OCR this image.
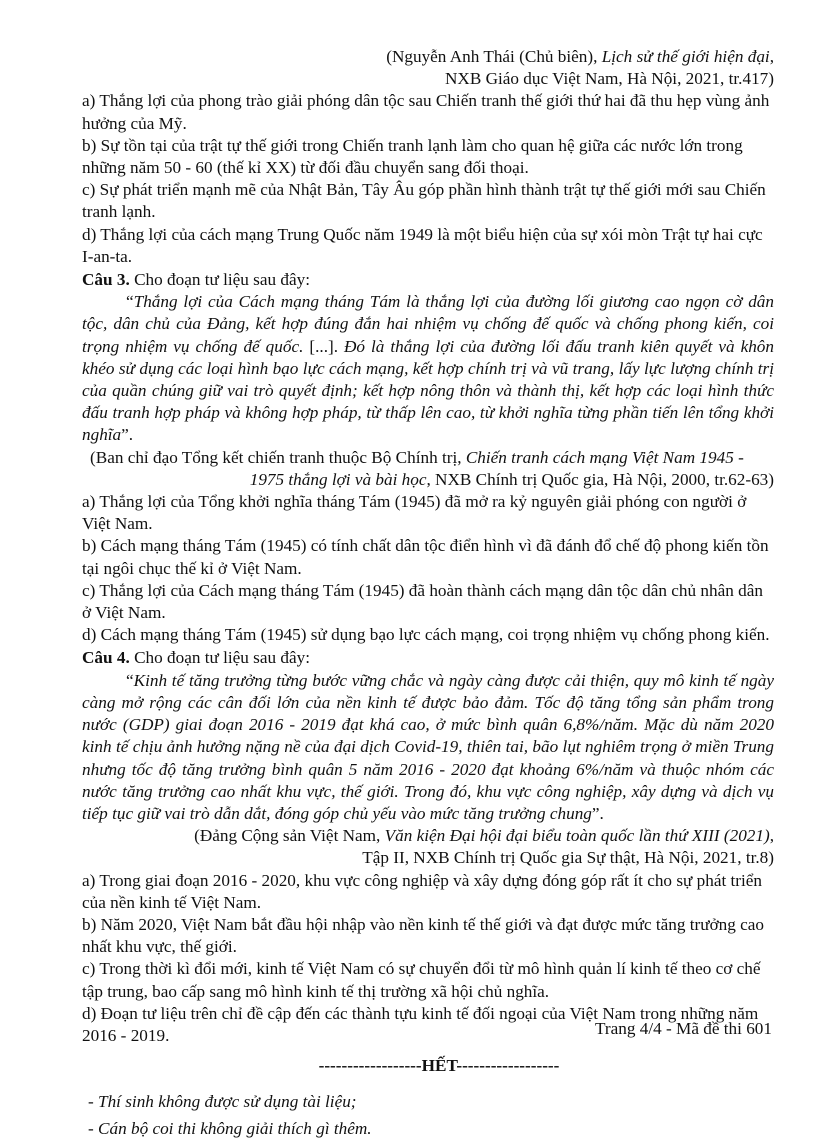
(Nguyễn Anh Thái (Chủ biên), Lịch sử thế giới hiện đại,

NXB Giáo dục Việt Nam, Hà Nội, 2021, tr.417)

a) Thắng lợi của phong trào giải phóng dân tộc sau Chiến tranh thế giới thứ hai đã thu hẹp vùng ảnh hưởng của Mỹ.

b) Sự tồn tại của trật tự thế giới trong Chiến tranh lạnh làm cho quan hệ giữa các nước lớn trong những năm 50 - 60 (thế kỉ XX) từ đối đầu chuyển sang đối thoại.

c) Sự phát triển mạnh mẽ của Nhật Bản, Tây Âu góp phần hình thành trật tự thế giới mới sau Chiến tranh lạnh.

d) Thắng lợi của cách mạng Trung Quốc năm 1949 là một biểu hiện của sự xói mòn Trật tự hai cực I-an-ta.

Câu 3. Cho đoạn tư liệu sau đây:

“Thắng lợi của Cách mạng tháng Tám là thắng lợi của đường lối giương cao ngọn cờ dân tộc, dân chủ của Đảng, kết hợp đúng đắn hai nhiệm vụ chống đế quốc và chống phong kiến, coi trọng nhiệm vụ chống đế quốc. [...]. Đó là thắng lợi của đường lối đấu tranh kiên quyết và khôn khéo sử dụng các loại hình bạo lực cách mạng, kết hợp chính trị và vũ trang, lấy lực lượng chính trị của quần chúng giữ vai trò quyết định; kết hợp nông thôn và thành thị, kết hợp các loại hình thức đấu tranh hợp pháp và không hợp pháp, từ thấp lên cao, từ khởi nghĩa từng phần tiến lên tổng khởi nghĩa”.

(Ban chỉ đạo Tổng kết chiến tranh thuộc Bộ Chính trị, Chiến tranh cách mạng Việt Nam 1945 -

1975 thắng lợi và bài học, NXB Chính trị Quốc gia, Hà Nội, 2000, tr.62-63)

a) Thắng lợi của Tổng khởi nghĩa tháng Tám (1945) đã mở ra kỷ nguyên giải phóng con người ở Việt Nam.

b) Cách mạng tháng Tám (1945) có tính chất dân tộc điển hình vì đã đánh đổ chế độ phong kiến tồn tại ngôi chục thế kỉ ở Việt Nam.

c) Thắng lợi của Cách mạng tháng Tám (1945) đã hoàn thành cách mạng dân tộc dân chủ nhân dân ở Việt Nam.

d) Cách mạng tháng Tám (1945) sử dụng bạo lực cách mạng, coi trọng nhiệm vụ chống phong kiến.

Câu 4. Cho đoạn tư liệu sau đây:

“Kinh tế tăng trưởng từng bước vững chắc và ngày càng được cải thiện, quy mô kinh tế ngày càng mở rộng các cân đối lớn của nền kinh tế được bảo đảm. Tốc độ tăng tổng sản phẩm trong nước (GDP) giai đoạn 2016 - 2019 đạt khá cao, ở mức bình quân 6,8%/năm. Mặc dù năm 2020 kinh tế chịu ảnh hưởng nặng nề của đại dịch Covid-19, thiên tai, bão lụt nghiêm trọng ở miền Trung nhưng tốc độ tăng trưởng bình quân 5 năm 2016 - 2020 đạt khoảng 6%/năm và thuộc nhóm các nước tăng trưởng cao nhất khu vực, thế giới. Trong đó, khu vực công nghiệp, xây dựng và dịch vụ tiếp tục giữ vai trò dẫn dắt, đóng góp chủ yếu vào mức tăng trưởng chung”.

(Đảng Cộng sản Việt Nam, Văn kiện Đại hội đại biểu toàn quốc lần thứ XIII (2021),

Tập II, NXB Chính trị Quốc gia Sự thật, Hà Nội, 2021, tr.8)

a) Trong giai đoạn 2016 - 2020, khu vực công nghiệp và xây dựng đóng góp rất ít cho sự phát triển của nền kinh tế Việt Nam.

b) Năm 2020, Việt Nam bắt đầu hội nhập vào nền kinh tế thế giới và đạt được mức tăng trưởng cao nhất khu vực, thế giới.

c) Trong thời kì đổi mới, kinh tế Việt Nam có sự chuyển đổi từ mô hình quản lí kinh tế theo cơ chế tập trung, bao cấp sang mô hình kinh tế thị trường xã hội chủ nghĩa.

d) Đoạn tư liệu trên chỉ đề cập đến các thành tựu kinh tế đối ngoại của Việt Nam trong những năm 2016 - 2019.

------------------HẾT------------------

- Thí sinh không được sử dụng tài liệu;

- Cán bộ coi thi không giải thích gì thêm.

Trang 4/4 - Mã đề thi 601
